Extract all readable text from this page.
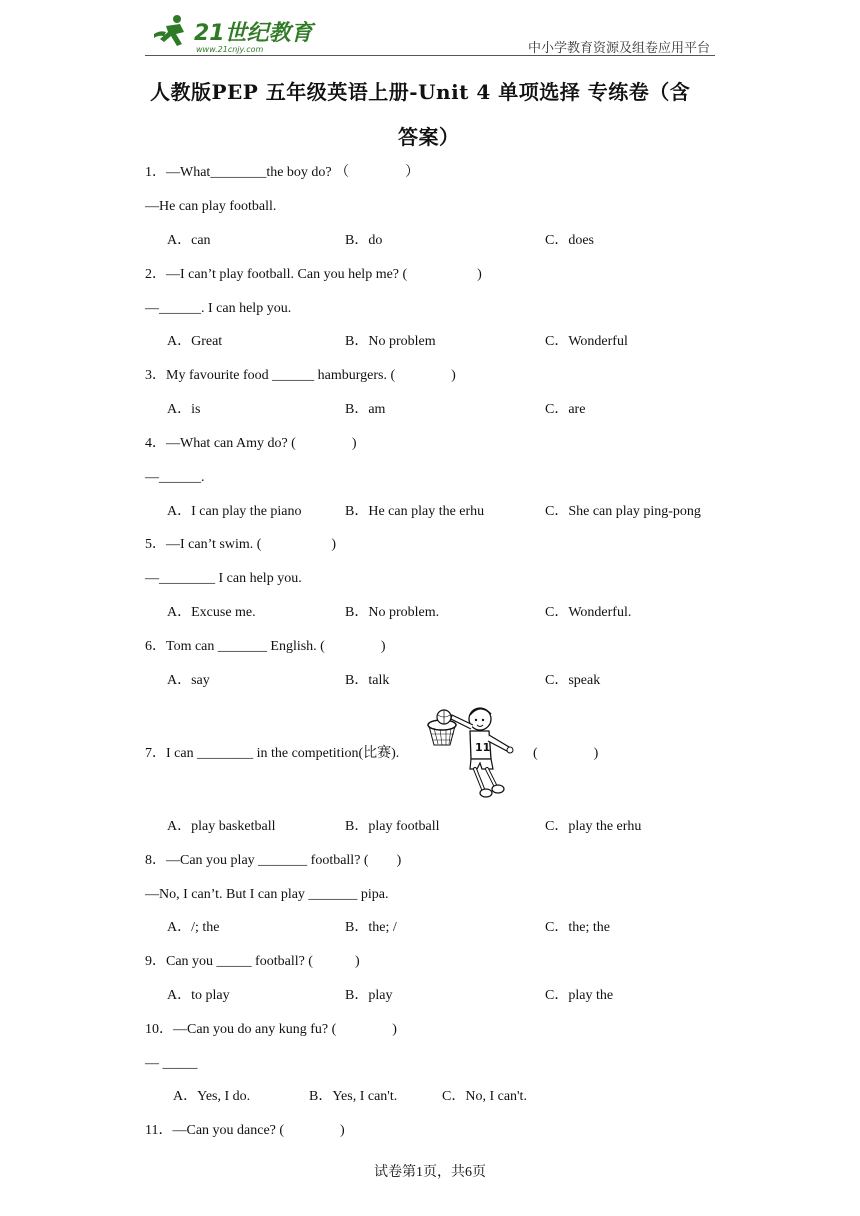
21世纪教育
www.21cnjy.com	中小学教育资源及组卷应用平台
人教版PEP 五年级英语上册-Unit 4 单项选择 专练卷（含
答案）
1．—What________the boy do? （　　　　）
—He can play football.
A．can	B．do	C．does
2．—I can’t play football. Can you help me? (　　　　　)
—______. I can help you.
A．Great	B．No problem	C．Wonderful
3．My favourite food ______ hamburgers. (　　　　)
A．is	B．am	C．are
4．—What can Amy do? (　　　　)
—______.
A．I can play the piano	B．He can play the erhu	C．She can play ping-pong
5．—I can’t swim. (　　　　　)
—________ I can help you.
A．Excuse me.	B．No problem.	C．Wonderful.
6．Tom can _______ English. (　　　　)
A．say	B．talk	C．speak
7．I can ________ in the competition(比赛).	11	(　　　　)
A．play basketball	B．play football	C．play the erhu
8．—Can you play _______ football? (　　)
—No, I can’t. But I can play _______ pipa.
A．/; the	B．the; /	C．the; the
9．Can you _____ football? (　　　)
A．to play	B．play	C．play the
10．—Can you do any kung fu? (　　　　)
— _____
A．Yes, I do.	B．Yes, I can't.	C．No, I can't.
11．—Can you dance? (　　　　)
试卷第1页，共6页
